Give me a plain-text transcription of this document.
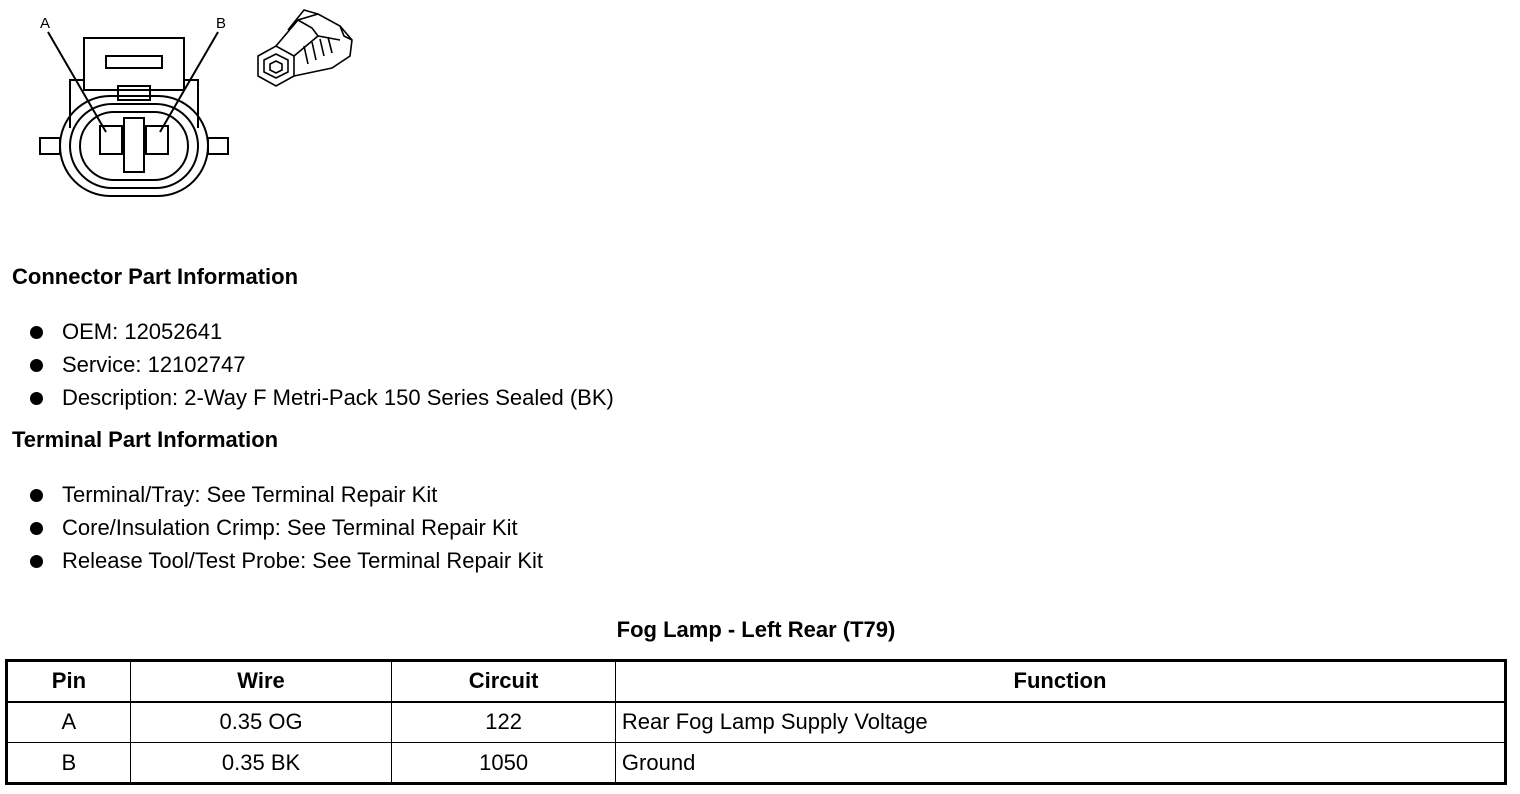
A	B
Connector Part Information
OEM: 12052641
Service: 12102747
Description: 2-Way F Metri-Pack 150 Series Sealed (BK)
Terminal Part Information
Terminal/Tray: See Terminal Repair Kit
Core/Insulation Crimp: See Terminal Repair Kit
Release Tool/Test Probe: See Terminal Repair Kit
Fog Lamp - Left Rear (T79)
Pin	Wire	Circuit	Function
A	0.35 OG	122	Rear Fog Lamp Supply Voltage
B	0.35 BK	1050	Ground
